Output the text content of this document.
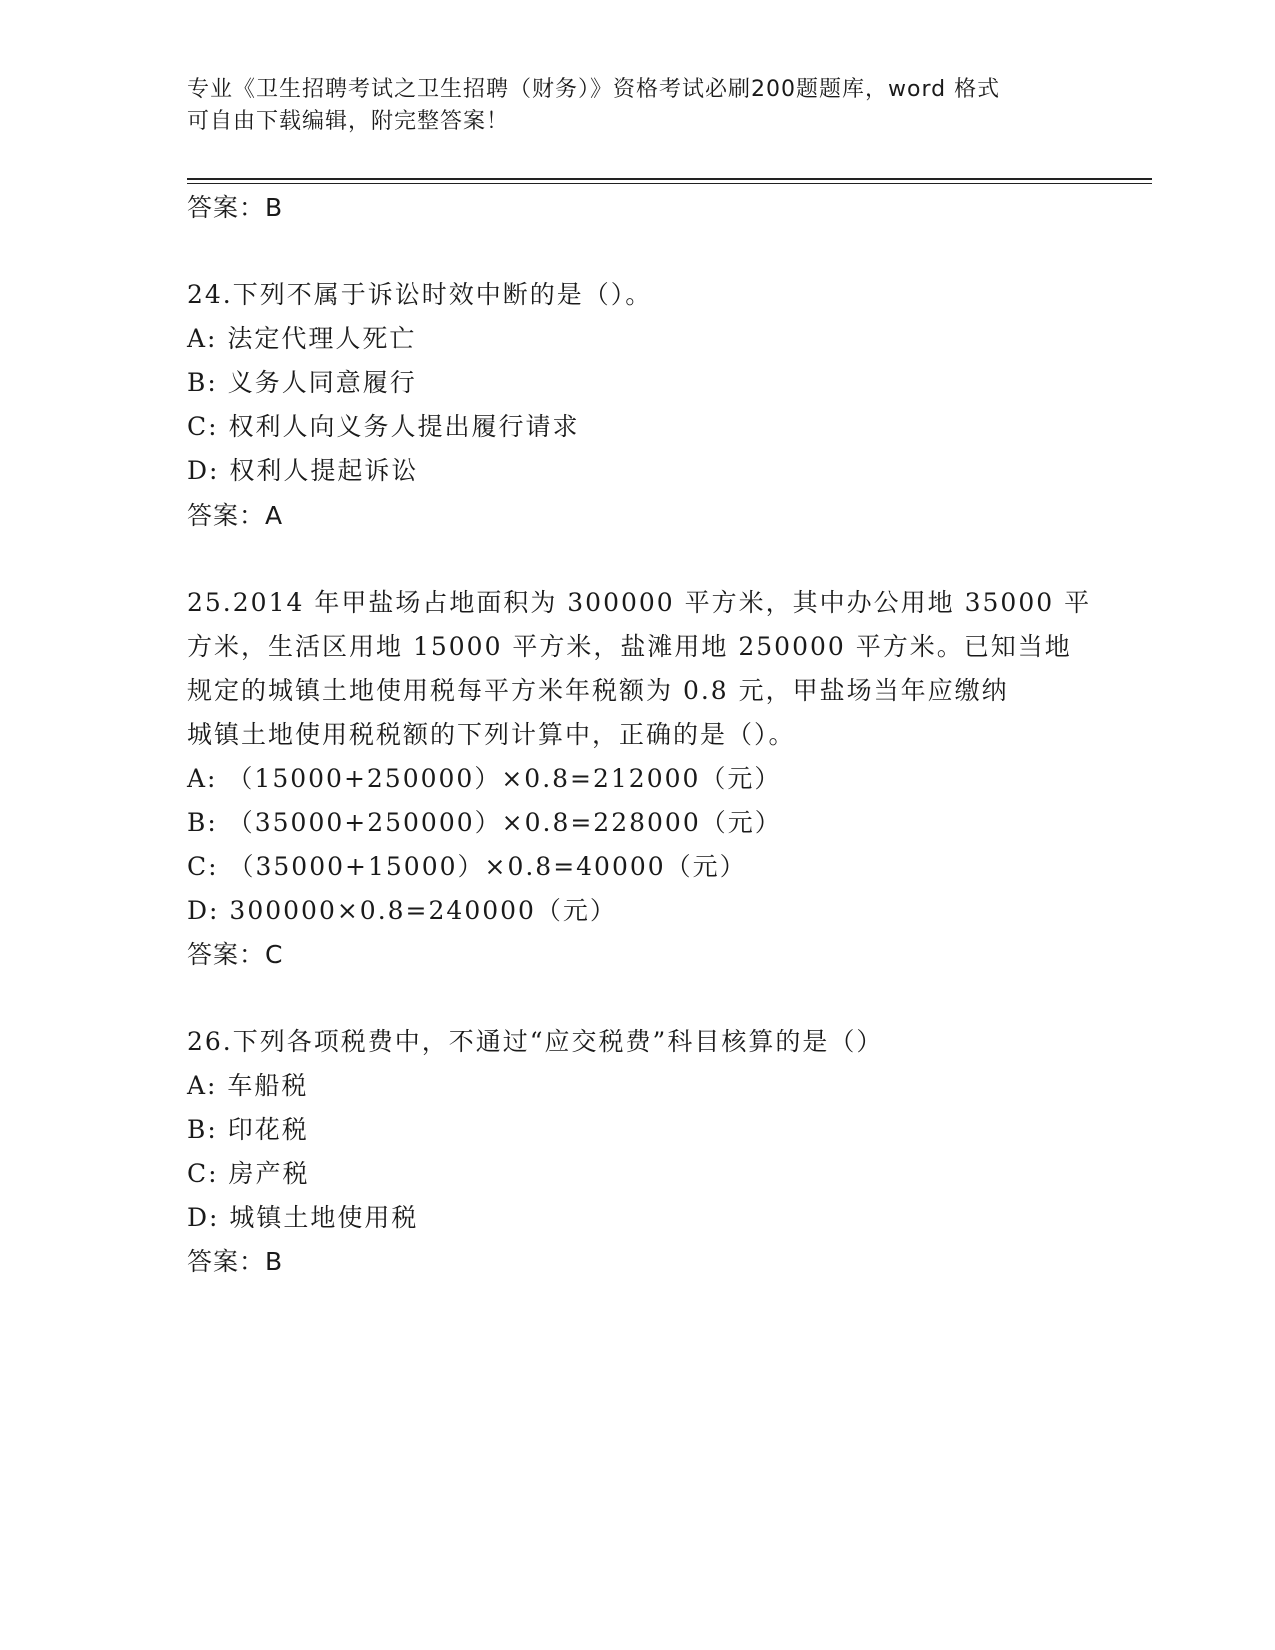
专业《卫生招聘考试之卫生招聘（财务）》资格考试必刷200题题库，word 格式
可自由下载编辑，附完整答案！
答案：B
24.下列不属于诉讼时效中断的是（）。
A: 法定代理人死亡
B: 义务人同意履行
C: 权利人向义务人提出履行请求
D: 权利人提起诉讼
答案：A
25.2014 年甲盐场占地面积为 300000 平方米，其中办公用地 35000 平
方米，生活区用地 15000 平方米，盐滩用地 250000 平方米。已知当地
规定的城镇土地使用税每平方米年税额为 0.8 元，甲盐场当年应缴纳
城镇土地使用税税额的下列计算中，正确的是（）。
A: （15000+250000）×0.8=212000（元）
B: （35000+250000）×0.8=228000（元）
C: （35000+15000）×0.8=40000（元）
D: 300000×0.8=240000（元）
答案：C
26.下列各项税费中，不通过“应交税费”科目核算的是（）
A: 车船税
B: 印花税
C: 房产税
D: 城镇土地使用税
答案：B
